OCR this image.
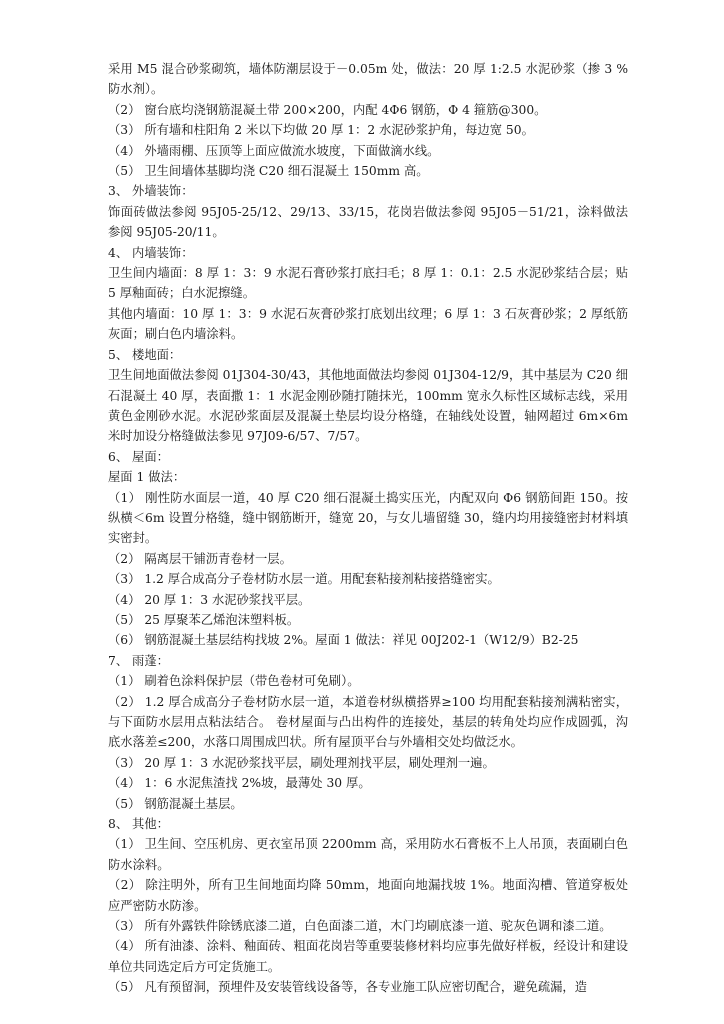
采用 M5 混合砂浆砌筑，墙体防潮层设于－0.05m 处，做法：20 厚 1:2.5 水泥砂浆（掺 3 %防水剂）。

（2） 窗台底均浇钢筋混凝土带 200×200，内配 4Φ6 钢筋，Φ 4 箍筋@300。

（3） 所有墙和柱阳角 2 米以下均做 20 厚 1：2 水泥砂浆护角，每边宽 50。

（4） 外墙雨棚、压顶等上面应做流水坡度，下面做滴水线。

（5） 卫生间墙体基脚均浇 C20 细石混凝土 150mm 高。

3、 外墙装饰：

饰面砖做法参阅 95J05-25/12、29/13、33/15，花岗岩做法参阅 95J05－51/21，涂料做法参阅 95J05-20/11。

4、 内墙装饰：

卫生间内墙面：8 厚 1：3：9 水泥石膏砂浆打底扫毛；8 厚 1：0.1：2.5 水泥砂浆结合层；贴 5 厚釉面砖；白水泥擦缝。

其他内墙面：10 厚 1：3：9 水泥石灰膏砂浆打底划出纹理；6 厚 1：3 石灰膏砂浆；2 厚纸筋灰面；刷白色内墙涂料。

5、 楼地面：

卫生间地面做法参阅 01J304-30/43，其他地面做法均参阅 01J304-12/9，其中基层为 C20 细石混凝土 40 厚，表面撒 1：1 水泥金刚砂随打随抹光，100mm 宽永久标性区域标志线，采用黄色金刚砂水泥。水泥砂浆面层及混凝土垫层均设分格缝，在轴线处设置，轴网超过 6m×6m 米时加设分格缝做法参见 97J09-6/57、7/57。

6、 屋面：

屋面 1 做法：

（1） 刚性防水面层一道，40 厚 C20 细石混凝土捣实压光，内配双向 Φ6 钢筋间距 150。按纵横＜6m 设置分格缝，缝中钢筋断开，缝宽 20，与女儿墙留缝 30，缝内均用接缝密封材料填实密封。

（2） 隔离层干铺沥青卷材一层。

（3） 1.2 厚合成高分子卷材防水层一道。用配套粘接剂粘接搭缝密实。

（4） 20 厚 1：3 水泥砂浆找平层。

（5） 25 厚聚苯乙烯泡沫塑料板。

（6） 钢筋混凝土基层结构找坡 2%。屋面 1 做法：祥见 00J202-1（W12/9）B2-25

7、 雨蓬：

（1） 刷着色涂料保护层（带色卷材可免刷）。

（2） 1.2 厚合成高分子卷材防水层一道，本道卷材纵横搭界≥100 均用配套粘接剂满粘密实，与下面防水层用点粘法结合。 卷材屋面与凸出构件的连接处，基层的转角处均应作成圆弧，沟底水落差≤200，水落口周围成凹状。所有屋顶平台与外墙相交处均做泛水。

（3） 20 厚 1：3 水泥砂浆找平层，刷处理剂找平层，刷处理剂一遍。

（4） 1：6 水泥焦渣找 2%坡，最薄处 30 厚。

（5） 钢筋混凝土基层。

8、 其他：

（1） 卫生间、空压机房、更衣室吊顶 2200mm 高，采用防水石膏板不上人吊顶，表面刷白色防水涂料。

（2） 除注明外，所有卫生间地面均降 50mm，地面向地漏找坡 1%。地面沟槽、管道穿板处应严密防水防渗。

（3） 所有外露铁件除锈底漆二道，白色面漆二道，木门均刷底漆一道、驼灰色调和漆二道。

（4） 所有油漆、涂料、釉面砖、粗面花岗岩等重要装修材料均应事先做好样板，经设计和建设单位共同选定后方可定货施工。

（5） 凡有预留洞，预埋件及安装管线设备等，各专业施工队应密切配合，避免疏漏，造
